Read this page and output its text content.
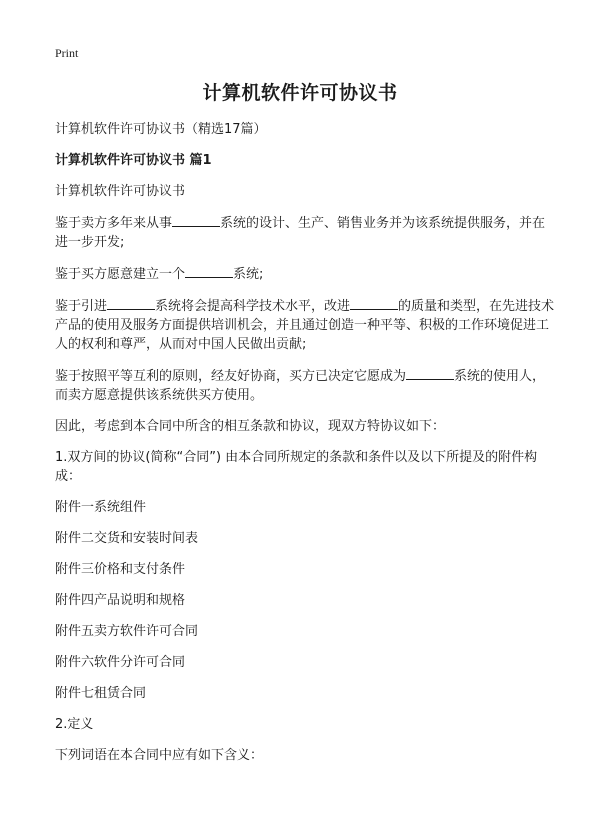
Print
计算机软件许可协议书

计算机软件许可协议书（精选17篇）

计算机软件许可协议书 篇1

计算机软件许可协议书

鉴于卖方多年来从事	系统的设计、生产、销售业务并为该系统提供服务，并在进一步开发;

鉴于买方愿意建立一个	系统;

鉴于引进	系统将会提高科学技术水平，改进	的质量和类型，在先进技术产品的使用及服务方面提供培训机会，并且通过创造一种平等、积极的工作环境促进工人的权利和尊严，从而对中国人民做出贡献;

鉴于按照平等互利的原则，经友好协商，买方已决定它愿成为	系统的使用人，而卖方愿意提供该系统供买方使用。

因此，考虑到本合同中所含的相互条款和协议，现双方特协议如下：

1.双方间的协议(简称“合同”) 由本合同所规定的条款和条件以及以下所提及的附件构成：

附件一系统组件

附件二交货和安装时间表

附件三价格和支付条件

附件四产品说明和规格

附件五卖方软件许可合同

附件六软件分许可合同

附件七租赁合同

2.定义

下列词语在本合同中应有如下含义：
